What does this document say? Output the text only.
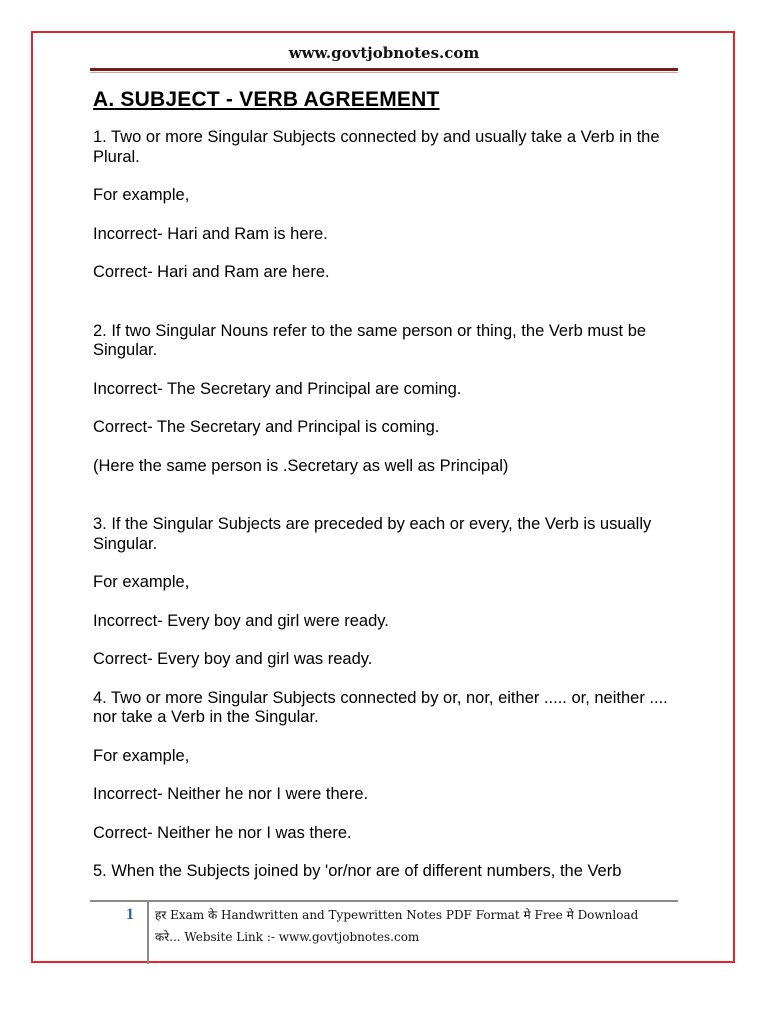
www.govtjobnotes.com
A. SUBJECT - VERB AGREEMENT

1. Two or more Singular Subjects connected by and usually take a Verb in the Plural.

For example,

Incorrect- Hari and Ram is here.

Correct- Hari and Ram are here.

2. If two Singular Nouns refer to the same person or thing, the Verb must be Singular.

Incorrect- The Secretary and Principal are coming.

Correct- The Secretary and Principal is coming.

(Here the same person is .Secretary as well as Principal)

3. If the Singular Subjects are preceded by each or every, the Verb is usually Singular.

For example,

Incorrect- Every boy and girl were ready.

Correct- Every boy and girl was ready.

4. Two or more Singular Subjects connected by or, nor, either ..... or, neither .... nor take a Verb in the Singular.

For example,

Incorrect- Neither he nor I were there.

Correct- Neither he nor I was there.

5. When the Subjects joined by 'or/nor are of different numbers, the Verb

1 हर Exam के Handwritten and Typewritten Notes PDF Format मे Free मे Download
करे... Website Link :- www.govtjobnotes.com
